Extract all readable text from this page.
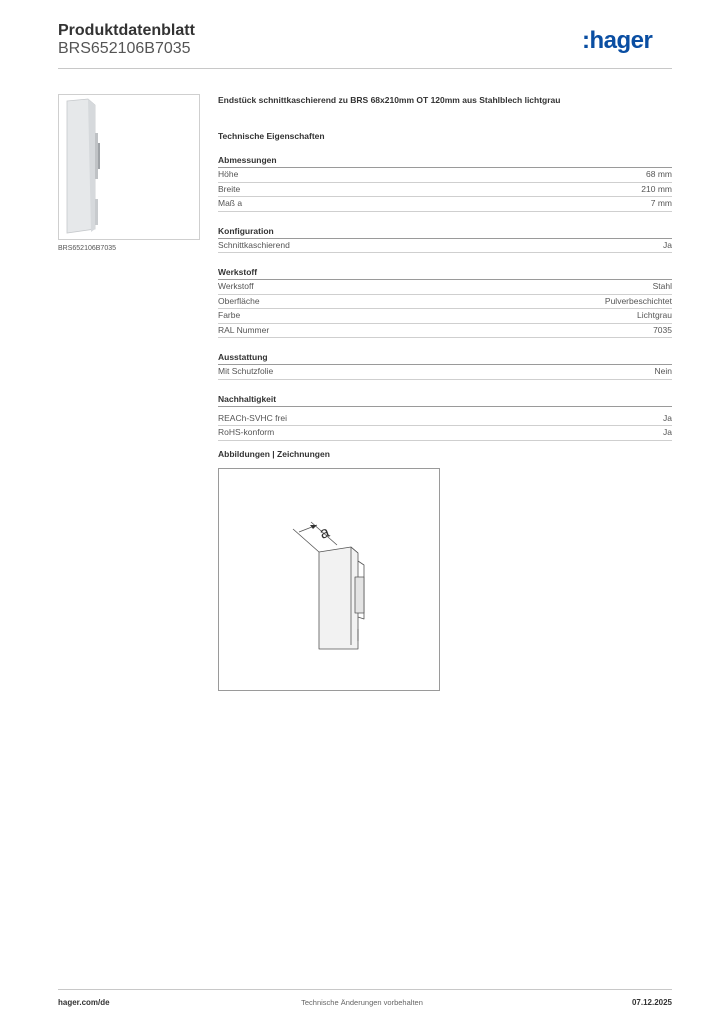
Produktdatenblatt
BRS652106B7035	:hager
BRS652106B7035
Endstück schnittkaschierend zu BRS 68x210mm OT 120mm aus Stahlblech lichtgrau
Technische Eigenschaften
Abmessungen
Höhe	68 mm
Breite	210 mm
Maß a	7 mm
Konfiguration
Schnittkaschierend	Ja
Werkstoff
Werkstoff	Stahl
Oberfläche	Pulverbeschichtet
Farbe	Lichtgrau
RAL Nummer	7035
Ausstattung
Mit Schutzfolie	Nein
Nachhaltigkeit
REACh-SVHC frei	Ja
RoHS-konform	Ja
Abbildungen | Zeichnungen
a
hager.com/de	Technische Änderungen vorbehalten	07.12.2025
